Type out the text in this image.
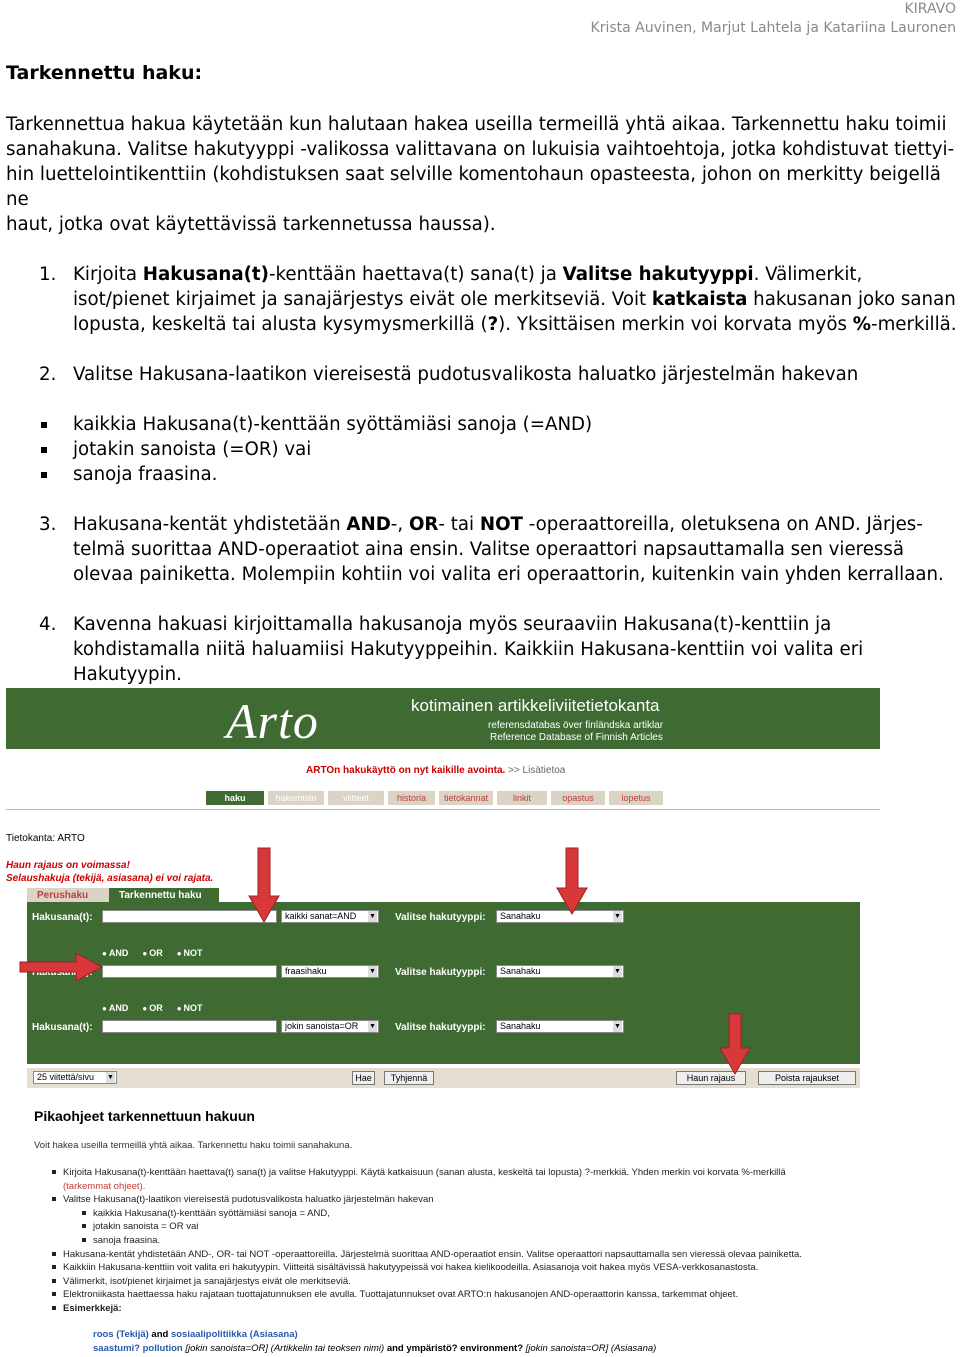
KIRAVO
Krista Auvinen, Marjut Lahtela ja Katariina Lauronen
Tarkennettu haku:
Tarkennettua hakua käytetään kun halutaan hakea useilla termeillä yhtä aikaa. Tarkennettu haku toimii
sanahakuna. Valitse hakutyyppi -valikossa valittavana on lukuisia vaihtoehtoja, jotka kohdistuvat tiettyi-
hin luettelointikenttiin (kohdistuksen saat selville komentohaun opasteesta, johon on merkitty beigellä ne
haut, jotka ovat käytettävissä tarkennetussa haussa).
1. Kirjoita Hakusana(t)-kenttään haettava(t) sana(t) ja Valitse hakutyyppi. Välimerkit, isot/pienet kirjaimet ja sanajärjestys eivät ole merkitseviä. Voit katkaista hakusanan joko sanan lopusta, keskeltä tai alusta kysymysmerkillä (?). Yksittäisen merkin voi korvata myös %-merkillä.
2. Valitse Hakusana-laatikon viereisestä pudotusvalikosta haluatko järjestelmän hakevan
kaikkia Hakusana(t)-kenttään syöttämiäsi sanoja (=AND)
jotakin sanoista (=OR) vai
sanoja fraasina.
3. Hakusana-kentät yhdistetään AND-, OR- tai NOT -operaattoreilla, oletuksena on AND. Järjes-telmä suorittaa AND-operaatiot aina ensin. Valitse operaattori napsauttamalla sen vieressä olevaa painiketta. Molempiin kohtiin voi valita eri operaattorin, kuitenkin vain yhden kerrallaan.
4. Kavenna hakuasi kirjoittamalla hakusanoja myös seuraaviin Hakusana(t)-kenttiin ja kohdistamalla niitä haluamiisi Hakutyyppeihin. Kaikkiin Hakusana-kenttiin voi valita eri Hakutyypin.
Arto	kotimainen artikkeliviitetietokanta
referensdatabas över finländska artiklar
Reference Database of Finnish Articles
ARTOn hakukäyttö on nyt kaikille avointa. >> Lisätietoa
haku	hakemisto	viitteet	historia	tietokannat	linkit	opastus	lopetus
Tietokanta: ARTO
Haun rajaus on voimassa!
Selaushakuja (tekijä, asiasana) ei voi rajata.
Perushaku	Tarkennettu haku
Hakusana(t):	kaikki sanat=AND ▼	Valitse hakutyyppi:	Sanahaku ▼
● AND	● OR	● NOT
fraasihaku ▼	Valitse hakutyyppi:	Sanahaku ▼
● AND	● OR	● NOT
Hakusana(t):	jokin sanoista=OR ▼	Valitse hakutyyppi:	Sanahaku ▼
25 viitettä/sivu ▼	Hae	Tyhjennä	Haun rajaus	Poista rajaukset
Pikaohjeet tarkennettuun hakuun
Voit hakea useilla termeillä yhtä aikaa. Tarkennettu haku toimii sanahakuna.
Kirjoita Hakusana(t)-kenttään haettava(t) sana(t) ja valitse Hakutyyppi. Käytä katkaisuun (sanan alusta, keskeltä tai lopusta) ?-merkkiä. Yhden merkin voi korvata %-merkillä
(tarkemmat ohjeet).
Valitse Hakusana(t)-laatikon viereisestä pudotusvalikosta haluatko järjestelmän hakevan
kaikkia Hakusana(t)-kenttään syöttämiäsi sanoja = AND,
jotakin sanoista = OR vai
sanoja fraasina.
Hakusana-kentät yhdistetään AND-, OR- tai NOT -operaattoreilla. Järjestelmä suorittaa AND-operaatiot ensin. Valitse operaattori napsauttamalla sen vieressä olevaa painiketta.
Kaikkiin Hakusana-kenttiin voit valita eri hakutyypin. Viitteitä sisältävissä hakutyypeissä voi hakea kielikoodeilla. Asiasanoja voit hakea myös VESA-verkkosanastosta.
Välimerkit, isot/pienet kirjaimet ja sanajärjestys eivät ole merkitseviä.
Elektroniikasta haettaessa haku rajataan tuottajatunnuksen ele avulla. Tuottajatunnukset ovat ARTO:n hakusanojen AND-operaattorin kanssa, tarkemmat ohjeet.
Esimerkkejä:
roos (Tekijä) and sosiaalipolitiikka (Asiasana)
saastumi? pollution [jokin sanoista=OR] (Artikkelin tai teoksen nimi) and ympäristö? environment? [jokin sanoista=OR] (Asiasana)
